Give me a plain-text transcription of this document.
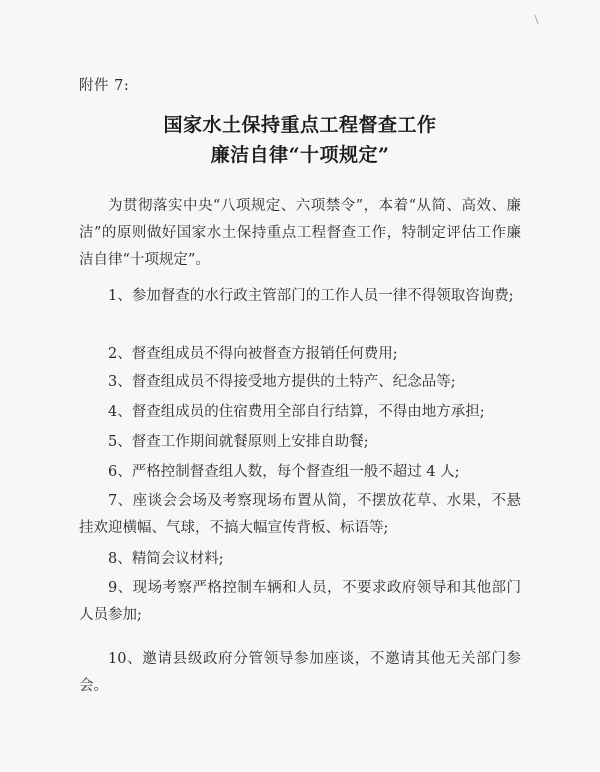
附件 7:
国家水土保持重点工程督查工作
廉洁自律“十项规定”

为贯彻落实中央“八项规定、六项禁令”，本着“从简、高效、廉洁”的原则做好国家水土保持重点工程督查工作，特制定评估工作廉洁自律“十项规定”。

1、参加督查的水行政主管部门的工作人员一律不得领取咨询费;

2、督查组成员不得向被督查方报销任何费用;

3、督查组成员不得接受地方提供的土特产、纪念品等;

4、督查组成员的住宿费用全部自行结算，不得由地方承担;

5、督查工作期间就餐原则上安排自助餐;

6、严格控制督查组人数，每个督查组一般不超过 4 人;

7、座谈会会场及考察现场布置从简，不摆放花草、水果，不悬挂欢迎横幅、气球，不搞大幅宣传背板、标语等;

8、精简会议材料;

9、现场考察严格控制车辆和人员，不要求政府领导和其他部门人员参加;

10、邀请县级政府分管领导参加座谈，不邀请其他无关部门参会。
